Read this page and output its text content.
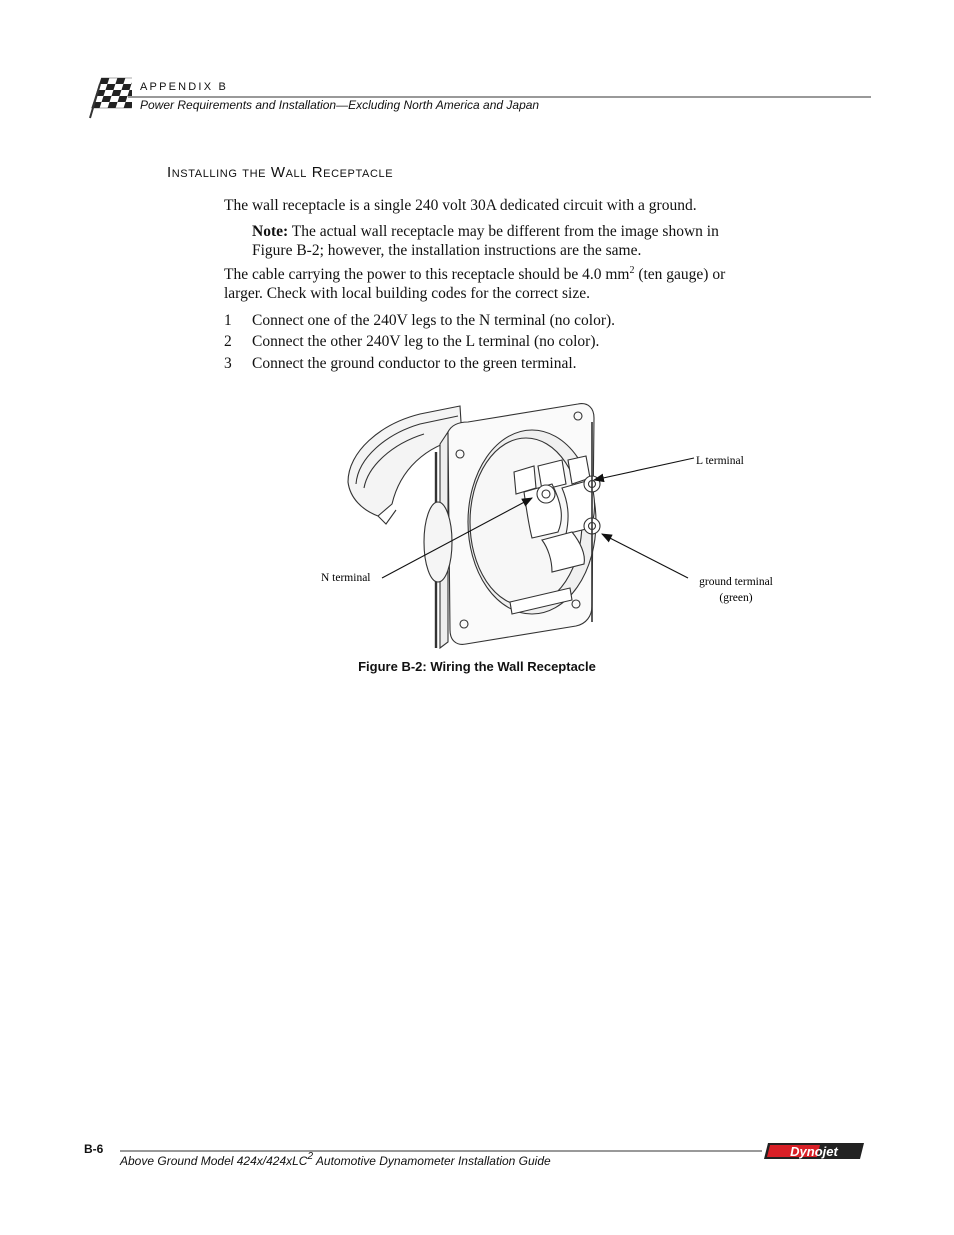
APPENDIX B
Power Requirements and Installation—Excluding North America and Japan
Installing the Wall Receptacle
The wall receptacle is a single 240 volt 30A dedicated circuit with a ground.
Note: The actual wall receptacle may be different from the image shown in
Figure B-2; however, the installation instructions are the same.
The cable carrying the power to this receptacle should be 4.0 $mm^2$ (ten gauge) or
larger. Check with local building codes for the correct size.
1 Connect one of the 240V legs to the N terminal (no color).
2 Connect the other 240V leg to the L terminal (no color).
3 Connect the ground conductor to the green terminal.
L terminal
N terminal	ground terminal
(green)
Figure B-2: Wiring the Wall Receptacle
B-6
Above Ground Model 424x/424xLC$^2$ Automotive Dynamometer Installation Guide
Dynojet
